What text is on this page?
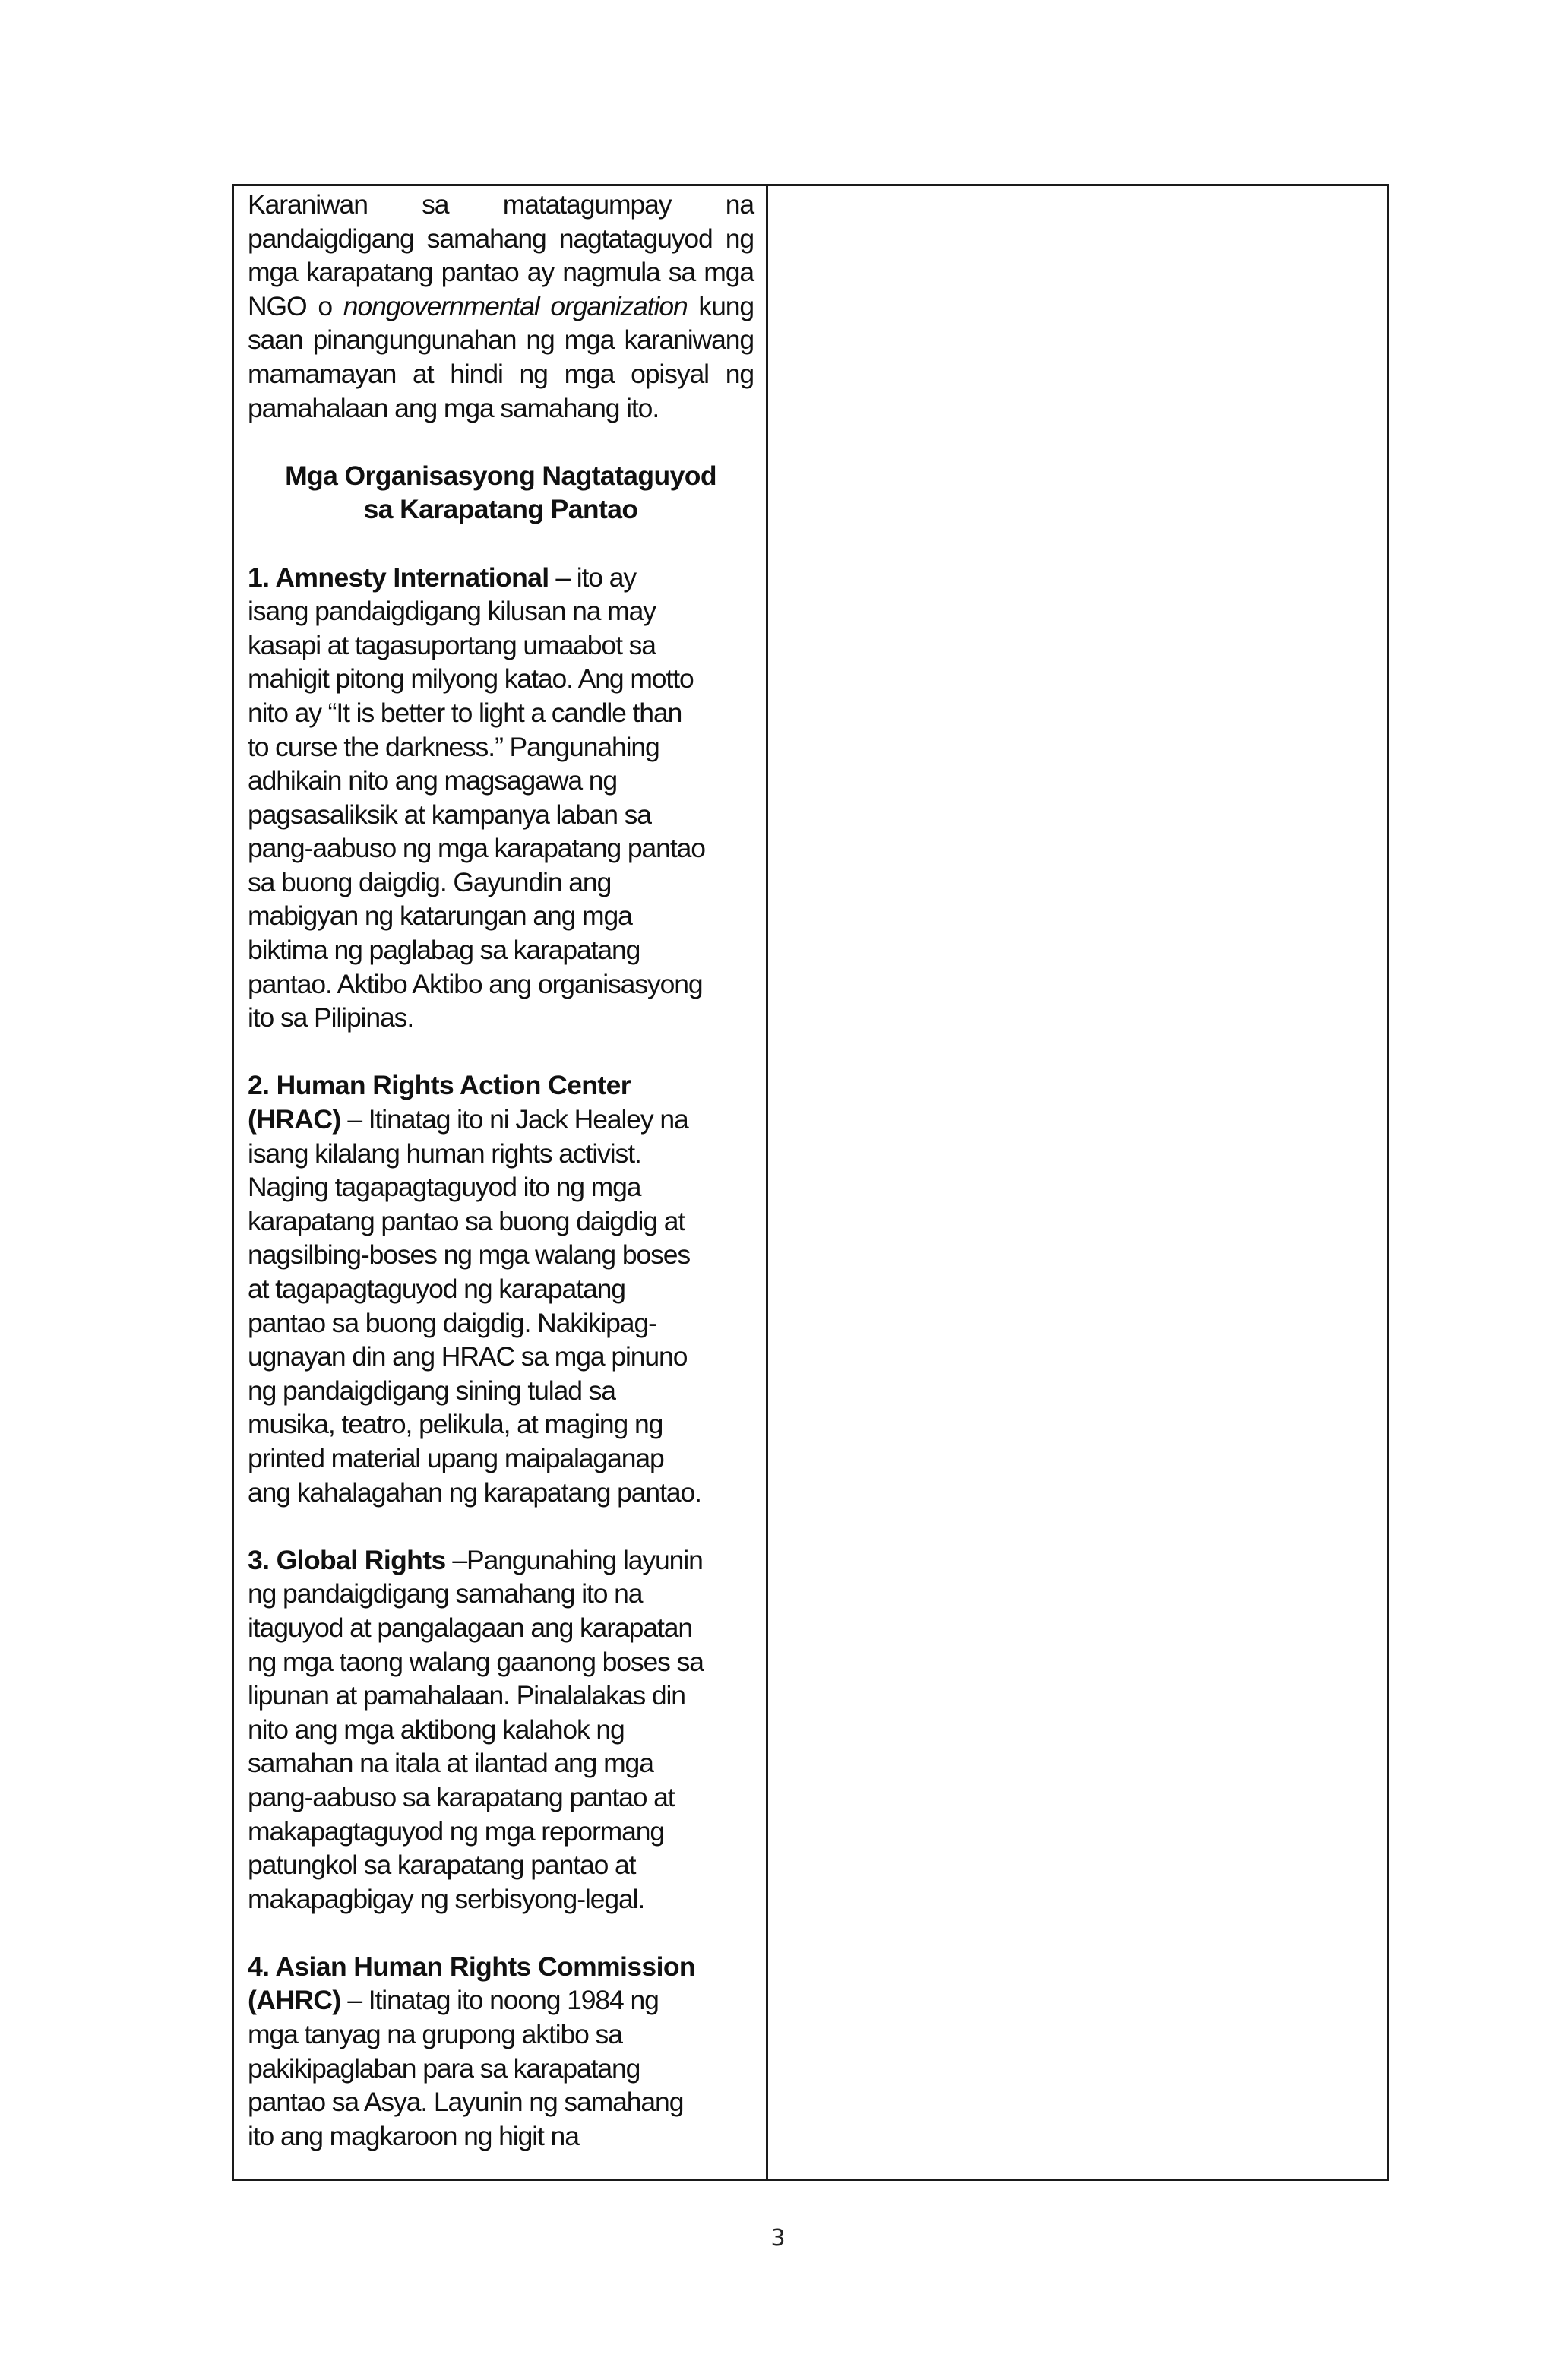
Karaniwan sa matatagumpay na pandaigdigang samahang nagtataguyod ng mga karapatang pantao ay nagmula sa mga NGO o nongovernmental organization kung saan pinangungunahan ng mga karaniwang mamamayan at hindi ng mga opisyal ng pamahalaan ang mga samahang ito.

Mga Organisasyong Nagtataguyod
sa Karapatang Pantao
1. Amnesty International – ito ay
isang pandaigdigang kilusan na may
kasapi at tagasuportang umaabot sa
mahigit pitong milyong katao. Ang motto
nito ay “It is better to light a candle than
to curse the darkness.” Pangunahing
adhikain nito ang magsagawa ng
pagsasaliksik at kampanya laban sa
pang-aabuso ng mga karapatang pantao
sa buong daigdig. Gayundin ang
mabigyan ng katarungan ang mga
biktima ng paglabag sa karapatang
pantao. Aktibo Aktibo ang organisasyong
ito sa Pilipinas.
2. Human Rights Action Center
(HRAC) – Itinatag ito ni Jack Healey na
isang kilalang human rights activist.
Naging tagapagtaguyod ito ng mga
karapatang pantao sa buong daigdig at
nagsilbing-boses ng mga walang boses
at tagapagtaguyod ng karapatang
pantao sa buong daigdig. Nakikipag-
ugnayan din ang HRAC sa mga pinuno
ng pandaigdigang sining tulad sa
musika, teatro, pelikula, at maging ng
printed material upang maipalaganap
ang kahalagahan ng karapatang pantao.
3. Global Rights –Pangunahing layunin
ng pandaigdigang samahang ito na
itaguyod at pangalagaan ang karapatan
ng mga taong walang gaanong boses sa
lipunan at pamahalaan. Pinalalakas din
nito ang mga aktibong kalahok ng
samahan na itala at ilantad ang mga
pang-aabuso sa karapatang pantao at
makapagtaguyod ng mga repormang
patungkol sa karapatang pantao at
makapagbigay ng serbisyong-legal.
4. Asian Human Rights Commission
(AHRC) – Itinatag ito noong 1984 ng
mga tanyag na grupong aktibo sa
pakikipaglaban para sa karapatang
pantao sa Asya. Layunin ng samahang
ito ang magkaroon ng higit na
3
